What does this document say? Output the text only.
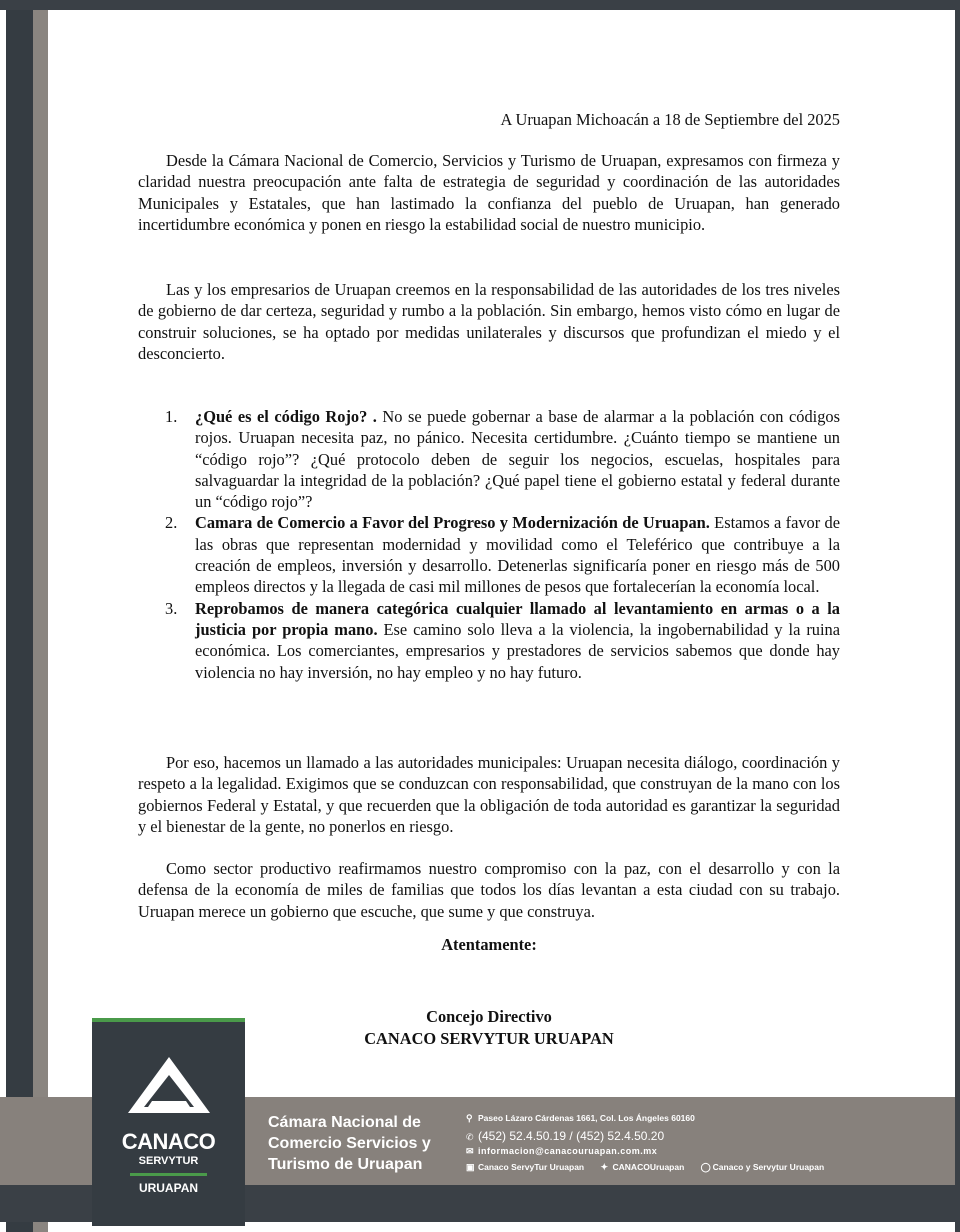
A Uruapan Michoacán a 18 de Septiembre del 2025

Desde la Cámara Nacional de Comercio, Servicios y Turismo de Uruapan, expresamos con firmeza y claridad nuestra preocupación ante falta de estrategia de seguridad y coordinación de las autoridades Municipales y Estatales, que han lastimado la confianza del pueblo de Uruapan, han generado incertidumbre económica y ponen en riesgo la estabilidad social de nuestro municipio.

Las y los empresarios de Uruapan creemos en la responsabilidad de las autoridades de los tres niveles de gobierno de dar certeza, seguridad y rumbo a la población. Sin embargo, hemos visto cómo en lugar de construir soluciones, se ha optado por medidas unilaterales y discursos que profundizan el miedo y el desconcierto.

1. ¿Qué es el código Rojo? . No se puede gobernar a base de alarmar a la población con códigos rojos. Uruapan necesita paz, no pánico. Necesita certidumbre. ¿Cuánto tiempo se mantiene un “código rojo”? ¿Qué protocolo deben de seguir los negocios, escuelas, hospitales para salvaguardar la integridad de la población? ¿Qué papel tiene el gobierno estatal y federal durante un “código rojo”?
2. Camara de Comercio a Favor del Progreso y Modernización de Uruapan. Estamos a favor de las obras que representan modernidad y movilidad como el Teleférico que contribuye a la creación de empleos, inversión y desarrollo. Detenerlas significaría poner en riesgo más de 500 empleos directos y la llegada de casi mil millones de pesos que fortalecerían la economía local.
3. Reprobamos de manera categórica cualquier llamado al levantamiento en armas o a la justicia por propia mano. Ese camino solo lleva a la violencia, la ingobernabilidad y la ruina económica. Los comerciantes, empresarios y prestadores de servicios sabemos que donde hay violencia no hay inversión, no hay empleo y no hay futuro.

Por eso, hacemos un llamado a las autoridades municipales: Uruapan necesita diálogo, coordinación y respeto a la legalidad. Exigimos que se conduzcan con responsabilidad, que construyan de la mano con los gobiernos Federal y Estatal, y que recuerden que la obligación de toda autoridad es garantizar la seguridad y el bienestar de la gente, no ponerlos en riesgo.

Como sector productivo reafirmamos nuestro compromiso con la paz, con el desarrollo y con la defensa de la economía de miles de familias que todos los días levantan a esta ciudad con su trabajo. Uruapan merece un gobierno que escuche, que sume y que construya.

Atentamente:
Concejo Directivo
CANACO SERVYTUR URUAPAN
CANACO
SERVYTUR
URUAPAN
Cámara Nacional de
Comercio Servicios y
Turismo de Uruapan
⚲ Paseo Lázaro Cárdenas 1661, Col. Los Ángeles 60160
✆ (452) 52.4.50.19 / (452) 52.4.50.20
✉ informacion@canacouruapan.com.mx
▣ Canaco ServyTur Uruapan ✦ CANACOUruapan ◯ Canaco y Servytur Uruapan
